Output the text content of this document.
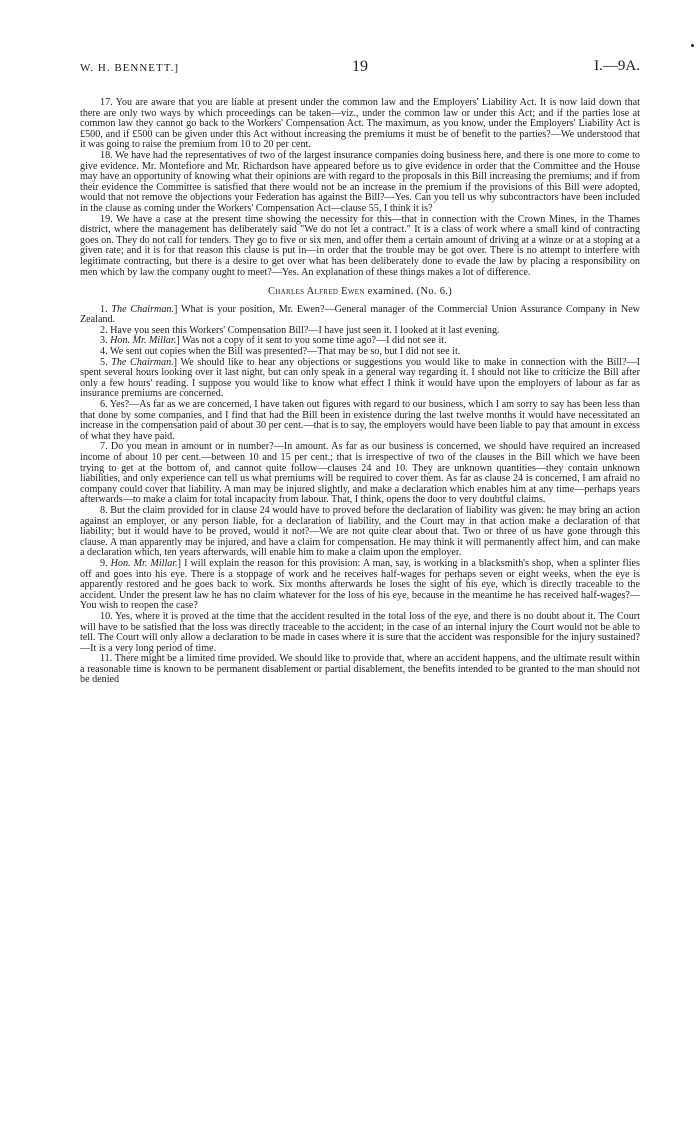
W. H. BENNETT.]	19	I.—9A.

17. You are aware that you are liable at present under the common law and the Employers' Liability Act. It is now laid down that there are only two ways by which proceedings can be taken—viz., under the common law or under this Act; and if the parties lose at common law they cannot go back to the Workers' Compensation Act. The maximum, as you know, under the Employers' Liability Act is £500, and if £500 can be given under this Act without increasing the premiums it must be of benefit to the parties?—We understood that it was going to raise the premium from 10 to 20 per cent.

18. We have had the representatives of two of the largest insurance companies doing business here, and there is one more to come to give evidence. Mr. Montefiore and Mr. Richardson have appeared before us to give evidence in order that the Committee and the House may have an opportunity of knowing what their opinions are with regard to the proposals in this Bill increasing the premiums; and if from their evidence the Committee is satisfied that there would not be an increase in the premium if the provisions of this Bill were adopted, would that not remove the objections your Federation has against the Bill?—Yes. Can you tell us why subcontractors have been included in the clause as coming under the Workers' Compensation Act—clause 55, I think it is?

19. We have a case at the present time showing the necessity for this—that in connection with the Crown Mines, in the Thames district, where the management has deliberately said "We do not let a contract." It is a class of work where a small kind of contracting goes on. They do not call for tenders. They go to five or six men, and offer them a certain amount of driving at a winze or at a stoping at a given rate; and it is for that reason this clause is put in—in order that the trouble may be got over. There is no attempt to interfere with legitimate contracting, but there is a desire to get over what has been deliberately done to evade the law by placing a responsibility on men which by law the company ought to meet?—Yes. An explanation of these things makes a lot of difference.

Charles Alfred Ewen examined. (No. 6.)

1. The Chairman.] What is your position, Mr. Ewen?—General manager of the Commercial Union Assurance Company in New Zealand.

2. Have you seen this Workers' Compensation Bill?—I have just seen it. I looked at it last evening.

3. Hon. Mr. Millar.] Was not a copy of it sent to you some time ago?—I did not see it.

4. We sent out copies when the Bill was presented?—That may be so, but I did not see it.

5. The Chairman.] We should like to hear any objections or suggestions you would like to make in connection with the Bill?—I spent several hours looking over it last night, but can only speak in a general way regarding it. I should not like to criticize the Bill after only a few hours' reading. I suppose you would like to know what effect I think it would have upon the employers of labour as far as insurance premiums are concerned.

6. Yes?—As far as we are concerned, I have taken out figures with regard to our business, which I am sorry to say has been less than that done by some companies, and I find that had the Bill been in existence during the last twelve months it would have necessitated an increase in the compensation paid of about 30 per cent.—that is to say, the employers would have been liable to pay that amount in excess of what they have paid.

7. Do you mean in amount or in number?—In amount. As far as our business is concerned, we should have required an increased income of about 10 per cent.—between 10 and 15 per cent.; that is irrespective of two of the clauses in the Bill which we have been trying to get at the bottom of, and cannot quite follow—clauses 24 and 10. They are unknown quantities—they contain unknown liabilities, and only experience can tell us what premiums will be required to cover them. As far as clause 24 is concerned, I am afraid no company could cover that liability. A man may be injured slightly, and make a declaration which enables him at any time—perhaps years afterwards—to make a claim for total incapacity from labour. That, I think, opens the door to very doubtful claims.

8. But the claim provided for in clause 24 would have to proved before the declaration of liability was given: he may bring an action against an employer, or any person liable, for a declaration of liability, and the Court may in that action make a declaration of that liability; but it would have to be proved, would it not?—We are not quite clear about that. Two or three of us have gone through this clause. A man apparently may be injured, and have a claim for compensation. He may think it will permanently affect him, and can make a declaration which, ten years afterwards, will enable him to make a claim upon the employer.

9. Hon. Mr. Millar.] I will explain the reason for this provision: A man, say, is working in a blacksmith's shop, when a splinter flies off and goes into his eye. There is a stoppage of work and he receives half-wages for perhaps seven or eight weeks, when the eye is apparently restored and he goes back to work. Six months afterwards he loses the sight of his eye, which is directly traceable to the accident. Under the present law he has no claim whatever for the loss of his eye, because in the meantime he has received half-wages?—You wish to reopen the case?

10. Yes, where it is proved at the time that the accident resulted in the total loss of the eye, and there is no doubt about it. The Court will have to be satisfied that the loss was directly traceable to the accident; in the case of an internal injury the Court would not be able to tell. The Court will only allow a declaration to be made in cases where it is sure that the accident was responsible for the injury sustained?—It is a very long period of time.

11. There might be a limited time provided. We should like to provide that, where an accident happens, and the ultimate result within a reasonable time is known to be permanent disablement or partial disablement, the benefits intended to be granted to the man should not be denied
